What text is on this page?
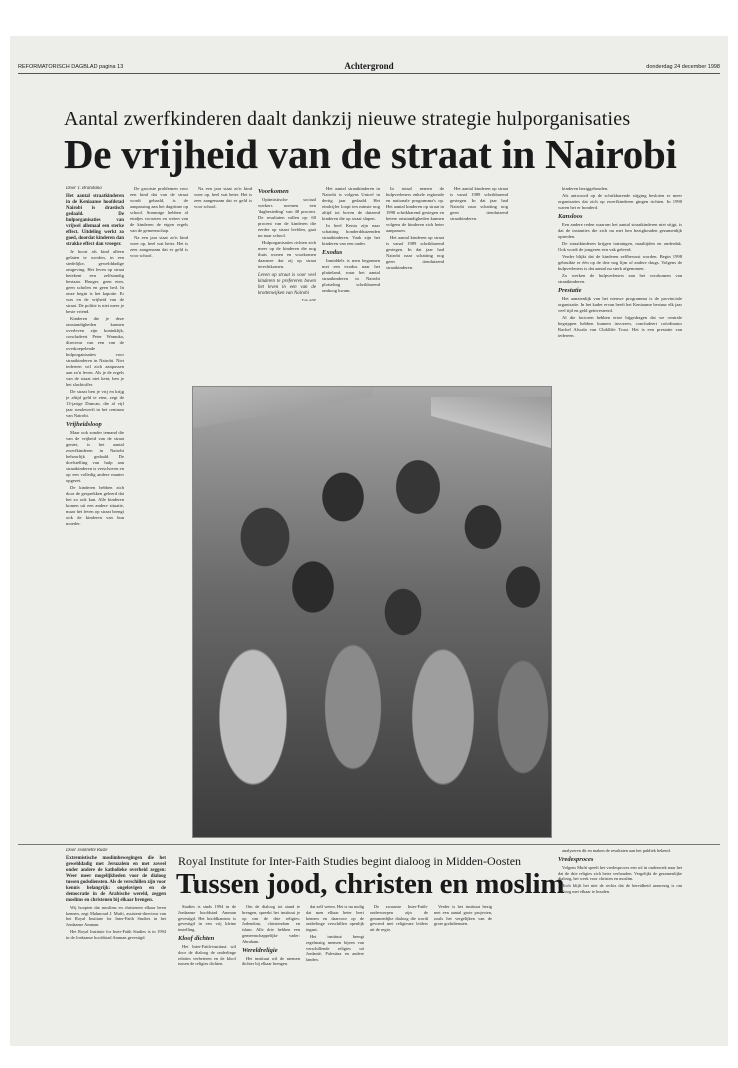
REFORMATORISCH DAGBLAD pagina 13	Achtergrond	donderdag 24 december 1998
Aantal zwerfkinderen daalt dankzij nieuwe strategie hulporganisaties
De vrijheid van de straat in Nairobi

Door T. Brandsma

Het aantal straatkinderen in de Keniaanse hoofdstad Nairobi is drastisch gedaald. De hulporganisaties van vrijwel allemaal een sterke effect. Uitdeling werkt zo goed, doordat kinderen dan strakke effect dan vroeger.

Je hoort als kind alleen gelaten te worden, in een stedelijke, gewelddadige omgeving. Het leven op straat betekent een zelfstandig bestaan. Honger, geen eten, geen scholen en geen bed. In onze begin is het kapotte. Er was en de vrijheid van de straat. De politie is niet meer je beste vriend.

Kinderen die je deze omstandigheden kunnen overleven zijn koninklijk, concludeert Peter Wamuka, directeur van een van de overkoepelende hulporganisaties voor straatkinderen in Nairobi. Niet iedereen wil zich aanpassen aan zo'n leven. Als je de regels van de straat niet kent, ben je het slachtoffer.

De straat ben je vrij en krijg je altijd geld te eten, zegt de 13-jarige Duncan, die al vijf jaar rondzwerft in het centrum van Nairobi.

Vrijheidsloop

Maar ook zonder iemand die van de vrijheid van de straat geniet, is het aantal zwerfkinderen in Nairobi behoorlijk gedaald. De doelstelling van hulp aan straatkinderen is verschoven en op een volledig andere manier opgezet.

De kinderen hebben zich door de gesprekken geleerd dat het zo ook kan. Alle kinderen komen uit een andere situatie, maar het leven op straat brengt ook de kinderen van hun moeder.

De grootste problemen voor een kind dat van de straat wordt gehaald, is de aanpassing aan het dagritme op school. Sommige hebben al eindjes voorzien en weten van de kinderen de eigen regels van de gemeenschap.

Na een jaar staat zo'n kind weer op, heel wat beter. Het is zeer aangenaam dat er geld is voor school.

Na een jaar staat zo'n kind weer op, heel wat beter. Het is zeer aangenaam dat er geld is voor school.

Voorkomen

Optimistische sociaal werkers noemen een 'dagbesteding' van 48 procent. De resultaten vallen op: 60 procent van de kinderen die eerder op straat leefden, gaat nu naar school.

Hulporganisaties richten zich meer op de kinderen die nog thuis wonen en voorkomen daarmee dat zij op straat terechtkomen.

Leven op straat is voor veel kinderen te prefereren boven het leven in een van de krottenwijken van Nairobi
Foto ANP

Het aantal straatkinderen in Nairobi is volgens Unicef in dertig jaar gedaald. Het eindcijfer loopt ten minste nog altijd tot boven de duizend kinderen die op straat slapen.

In heel Kenia zijn naar schatting honderdduizenden straatkinderen. Vaak zijn het kinderen van een ouder.

Exodus

Inmiddels is men begonnen met een exodus naar het platteland, waar het aantal straatkinderen in Nairobi plotseling schrikbarend omhoog kwam.

In totaal nemen de hulpverleners enkele regionale en nationale programma's op. Het aantal kinderen op straat in 1998 schrikbarend gestegen en betere omstandigheden kunnen volgens de kinderen zich beter aanpassen.

Het aantal kinderen op straat is vanaf 1989 schrikbarend gestegen. In dat jaar had Nairobi naar schatting nog geen tienduizend straatkinderen.

Het aantal kinderen op straat is vanaf 1989 schrikbarend gestegen. In dat jaar had Nairobi naar schatting nog geen tienduizend straatkinderen.

kinderen beziggehouden.

Als antwoord op de schrikbarende stijging besloten er meer organisaties dat zich op zwerfkinderen gingen richten. In 1990 waren het er honderd.

Kansloos

Een andere reden waarom het aantal straatkinderen niet stijgt, is dat de instanties die zich nu met hen bezighouden gezamenlijk optreden.

De straatkinderen krijgen trainingen, maaltijden en onderdak. Ook wordt de jongeren een vak geleerd.

Verder blijkt dat de kinderen zelfbewust worden. Begin 1998 gebruikte er één op de drie nog lijm of andere drugs. Volgens de hulpverleners is dat aantal nu sterk afgenomen.

Zo werken de hulpverleners aan het voorkomen van straatkinderen.

Prestatie

Het aanzienlijk van het nieuwe programma is de provinciale organisatie. In het kader ervan heeft het Keniaanse bestuur elk jaar veel tijd en geld geïnvesteerd.

Al die factoren hebben ertoe bijgedragen dat we centrale begrippen hebben kunnen invoeren, concludeert coördinator Rachel Alwala van Childlife Trust. Het is een prestatie van iedereen.

Door Jeannette Ruste

Extremistische moslimbewegingen die het gewelddadig met Jeruzalem en met zoveel onder andere de katholieke overheid zeggen: Weer meer mogelijkheden voor de dialoog tussen godsdiensten. Als de verschillen zijn voor kennis belangrijk: ongelovigen en de democratie in de Arabische wereld, zeggen moslims en christenen bij elkaar brengen.

Wij hoopten dat moslims en christenen elkaar leren kennen, zegt Mahmoud J. Mufti, assistent-directeur van het Royal Institute for Inter-Faith Studies in het Jordaanse Amman.

Het Royal Institute for Inter-Faith Studies is in 1994 in de Jordaanse hoofdstad Amman gevestigd.

Royal Institute for Inter-Faith Studies begint dialoog in Midden-Oosten
Tussen jood, christen en moslim

Studies is sinds 1994 in de Jordaanse hoofdstad Amman gevestigd. Het hoofdkantoor is gevestigd in een vrij kleine instelling.

Kloof dichten

Het Inter-Faith-instituut wil door de dialoog de onderlinge relaties verbeteren en de kloof tussen de religies dichten.

Om de dialoog tot stand te brengen, spreekt het instituut je op van de drie religies: Jodendom, christendom en islam. Alle drie hebben een gemeenschappelijke vader: Abraham.

Wereldreligie

Het instituut wil de mensen dichter bij elkaar brengen.

dat zelf weten. Het is nu nodig dat men elkaar beter leert kennen en daarvoor op de onderlinge verschillen openlijk ingaat.

Het instituut brengt regelmatig mensen bijeen van verschillende religies uit Jordanië, Palestina en andere landen.

De zwaarste Inter-Faith-onderwerpen zijn de gezamenlijke dialoog die wordt gevoerd met religieuze leiders uit de regio.

Verder is het instituut bezig met een aantal grote projecten, zoals het vergelijken van de grote godsdiensten.

analyseren dit en maken de resultaten aan het publiek bekend.

Vredesproces

Volgens Mufti speelt het vredesproces een rol in onderzoek naar het dat de drie religies zich beter verhouden. Vergelijkt de gezamenlijke dialoog, het werk voor christen en moslim.

Toch blijft het niet de rechts dat de bereidheid aanwezig is om dialoog met elkaar te houden.
